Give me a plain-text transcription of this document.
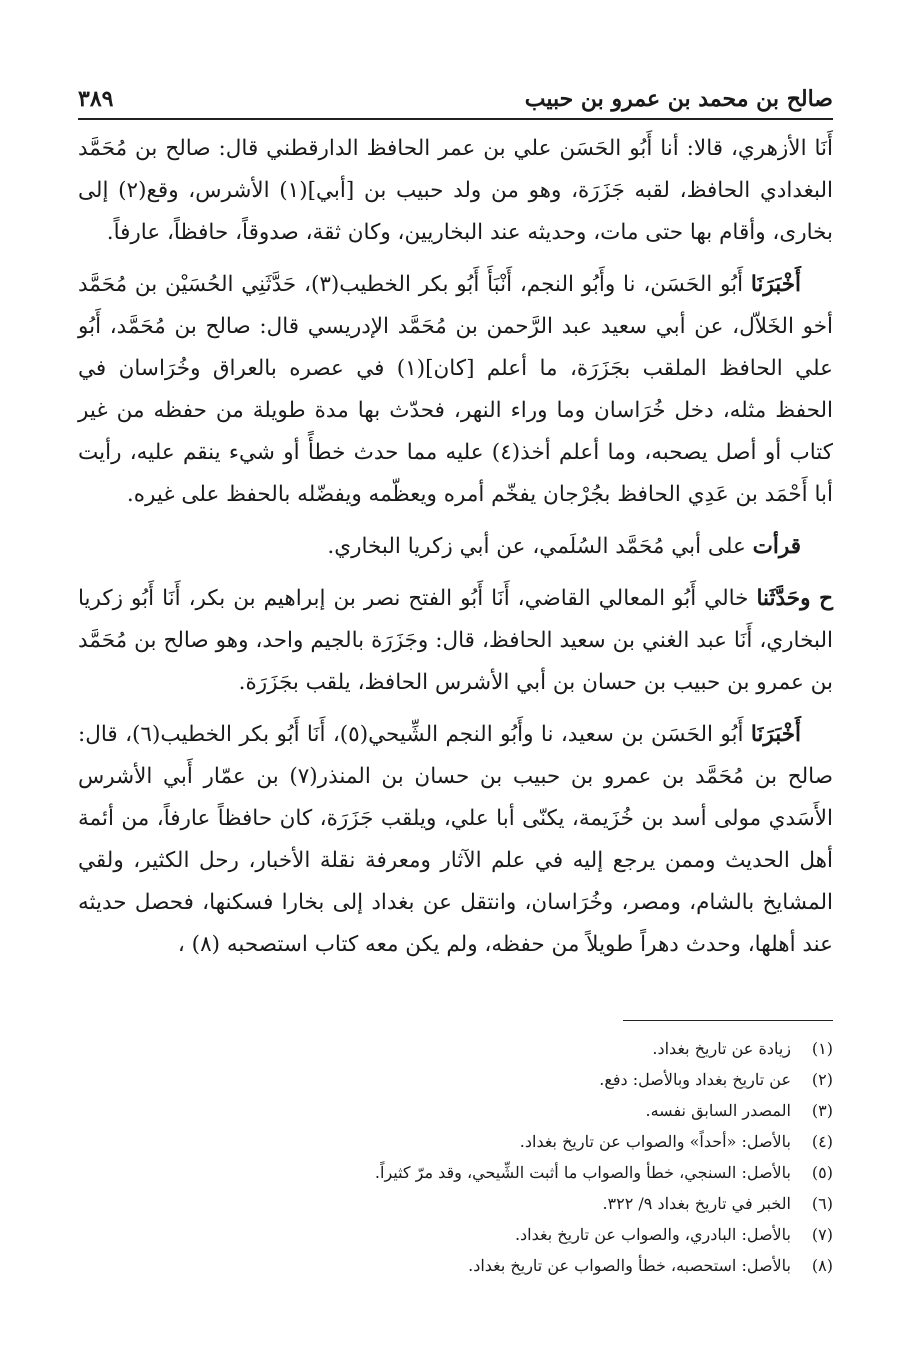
صالح بن محمد بن عمرو بن حبيب
٣٨٩

أَنَا الأزهري، قالا: أنا أَبُو الحَسَن علي بن عمر الحافظ الدارقطني قال: صالح بن مُحَمَّد البغدادي الحافظ، لقبه جَزَرَة، وهو من ولد حبيب بن [أبي](١) الأشرس، وقع(٢) إلى بخارى، وأقام بها حتى مات، وحديثه عند البخاريين، وكان ثقة، صدوقاً، حافظاً، عارفاً.

أَخْبَرَنَا أَبُو الحَسَن، نا وأَبُو النجم، أَنْبَأَ أَبُو بكر الخطيب(٣)، حَدَّثَنِي الحُسَيْن بن مُحَمَّد أخو الخَلاّل، عن أبي سعيد عبد الرَّحمن بن مُحَمَّد الإدريسي قال: صالح بن مُحَمَّد، أَبُو علي الحافظ الملقب بجَزَرَة، ما أعلم [كان](١) في عصره بالعراق وخُرَاسان في الحفظ مثله، دخل خُرَاسان وما وراء النهر، فحدّث بها مدة طويلة من حفظه من غير كتاب أو أصل يصحبه، وما أعلم أخذ(٤) عليه مما حدث خطأً أو شيء ينقم عليه، رأيت أبا أَحْمَد بن عَدِي الحافظ بجُرْجان يفخّم أمره ويعظّمه ويفضّله بالحفظ على غيره.

قرأت على أبي مُحَمَّد السُلَمي، عن أبي زكريا البخاري.

ح وحَدَّثَنا خالي أَبُو المعالي القاضي، أَنَا أَبُو الفتح نصر بن إبراهيم بن بكر، أَنَا أَبُو زكريا البخاري، أَنَا عبد الغني بن سعيد الحافظ، قال: وجَزَرَة بالجيم واحد، وهو صالح بن مُحَمَّد بن عمرو بن حبيب بن حسان بن أبي الأشرس الحافظ، يلقب بجَزَرَة.

أَخْبَرَنَا أَبُو الحَسَن بن سعيد، نا وأَبُو النجم الشِّيحي(٥)، أَنَا أَبُو بكر الخطيب(٦)، قال: صالح بن مُحَمَّد بن عمرو بن حبيب بن حسان بن المنذر(٧) بن عمّار أَبي الأشرس الأَسَدي مولى أسد بن خُزَيمة، يكنّى أبا علي، ويلقب جَزَرَة، كان حافظاً عارفاً، من أئمة أهل الحديث وممن يرجع إليه في علم الآثار ومعرفة نقلة الأخبار، رحل الكثير، ولقي المشايخ بالشام، ومصر، وخُرَاسان، وانتقل عن بغداد إلى بخارا فسكنها، فحصل حديثه عند أهلها، وحدث دهراً طويلاً من حفظه، ولم يكن معه كتاب استصحبه (٨) ،

(١)
زيادة عن تاريخ بغداد.
(٢)
عن تاريخ بغداد وبالأصل: دفع.
(٣)
المصدر السابق نفسه.
(٤)
بالأصل: «أحداً» والصواب عن تاريخ بغداد.
(٥)
بالأصل: السنجي، خطأ والصواب ما أثبت الشِّيحي، وقد مرّ كثيراً.
(٦)
الخبر في تاريخ بغداد ٩/ ٣٢٢.
(٧)
بالأصل: البادري، والصواب عن تاريخ بغداد.
(٨)
بالأصل: استحصبه، خطأ والصواب عن تاريخ بغداد.
